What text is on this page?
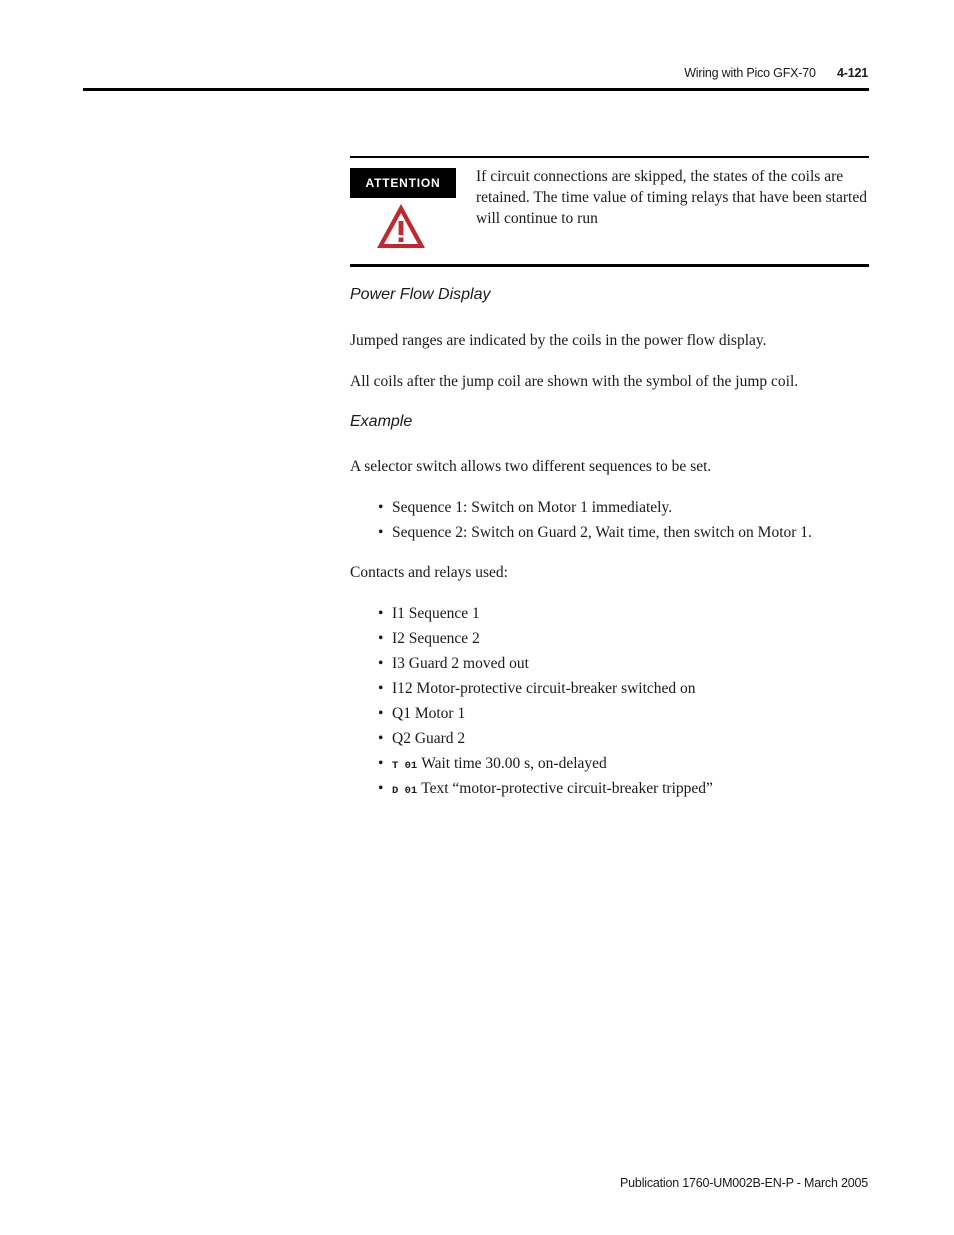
Wiring with Pico GFX-70 4-121
ATTENTION	If circuit connections are skipped, the states of the coils are retained. The time value of timing relays that have been started will continue to run
Power Flow Display
Jumped ranges are indicated by the coils in the power flow display.
All coils after the jump coil are shown with the symbol of the jump coil.
Example
A selector switch allows two different sequences to be set.
• Sequence 1: Switch on Motor 1 immediately.
• Sequence 2: Switch on Guard 2, Wait time, then switch on Motor 1.
Contacts and relays used:
• I1 Sequence 1
• I2 Sequence 2
• I3 Guard 2 moved out
• I12 Motor-protective circuit-breaker switched on
• Q1 Motor 1
• Q2 Guard 2
• T 01 Wait time 30.00 s, on-delayed
• D 01 Text “motor-protective circuit-breaker tripped”
Publication 1760-UM002B-EN-P - March 2005
